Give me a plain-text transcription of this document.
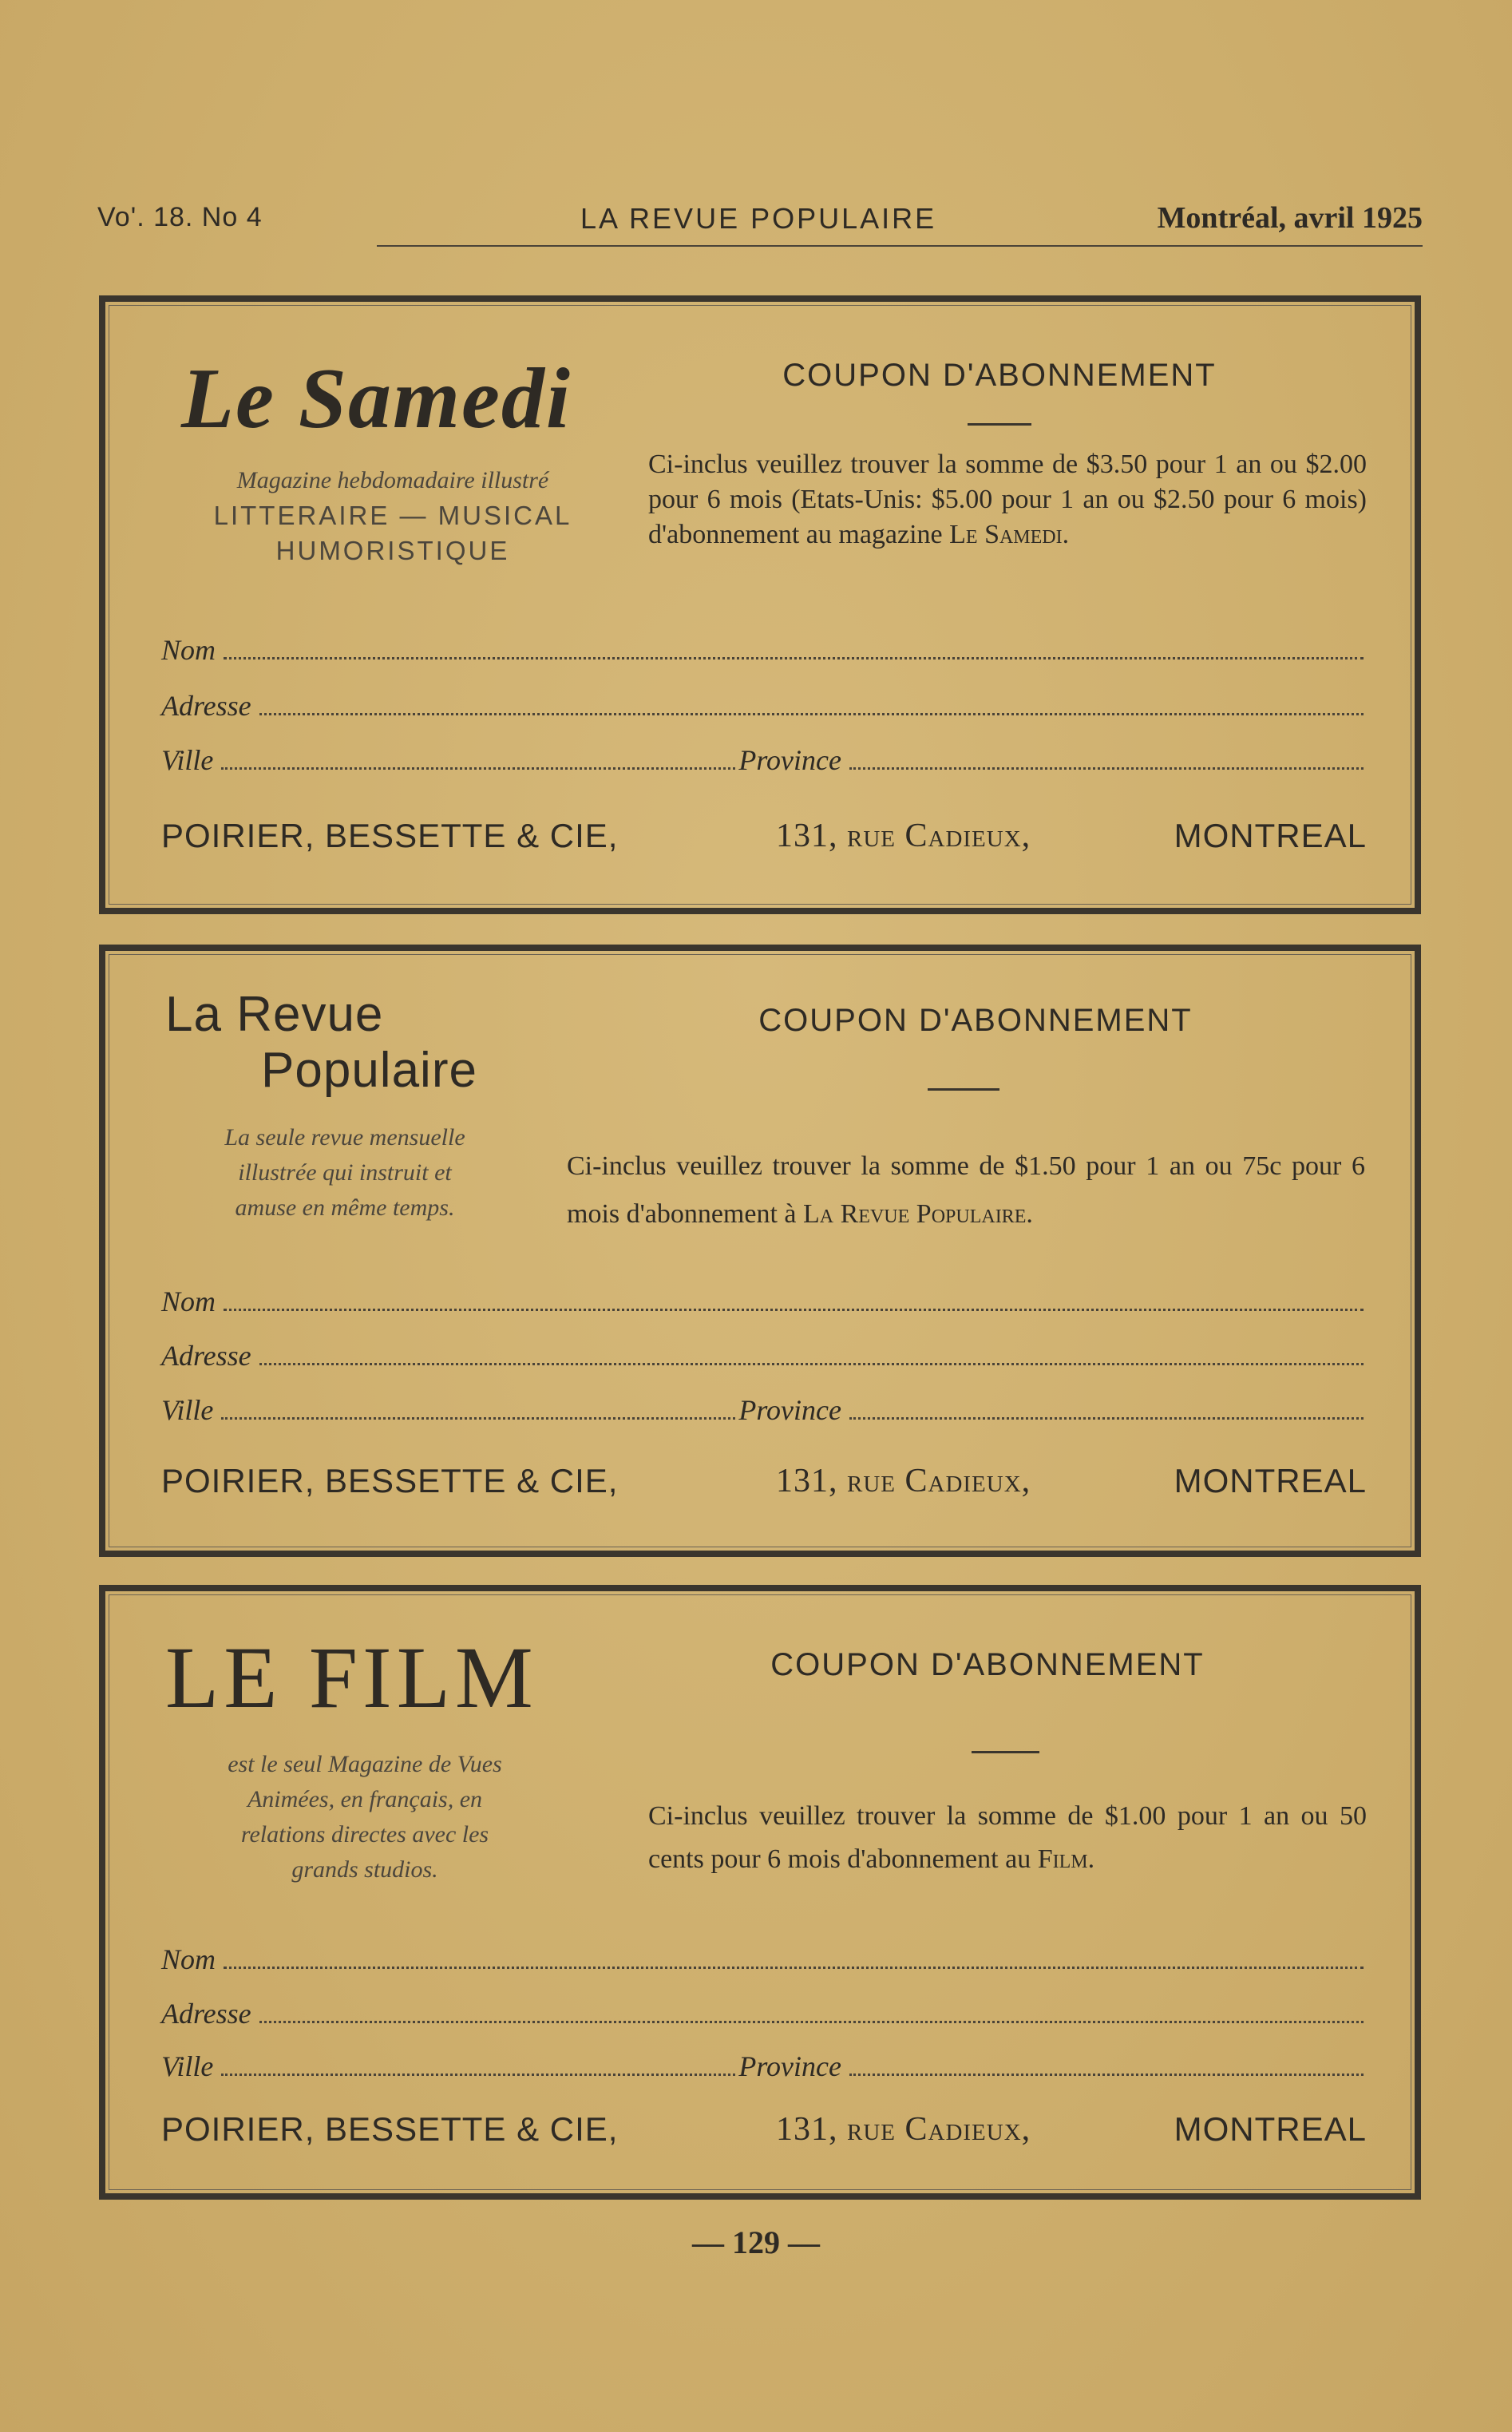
Vo'. 18. No 4	LA REVUE POPULAIRE	Montréal, avril 1925
Le Samedi
Magazine hebdomadaire illustré
LITTERAIRE — MUSICAL
HUMORISTIQUE
COUPON D'ABONNEMENT
Ci-inclus veuillez trouver la somme de $3.50 pour 1 an ou $2.00 pour 6 mois (Etats-Unis: $5.00 pour 1 an ou $2.50 pour 6 mois) d'abonnement au magazine Le Samedi.
Nom
Adresse
Ville	Province
POIRIER, BESSETTE & CIE,	131, rue Cadieux,	MONTREAL
La Revue
Populaire
La seule revue mensuelle
illustrée qui instruit et
amuse en même temps.
COUPON D'ABONNEMENT
Ci-inclus veuillez trouver la somme de $1.50 pour 1 an ou 75c pour 6 mois d'abonnement à La Revue Populaire.
Nom
Adresse
Ville	Province
POIRIER, BESSETTE & CIE,	131, rue Cadieux,	MONTREAL
LE FILM
est le seul Magazine de Vues
Animées, en français, en
relations directes avec les
grands studios.
COUPON D'ABONNEMENT
Ci-inclus veuillez trouver la somme de $1.00 pour 1 an ou 50 cents pour 6 mois d'abonnement au Film.
Nom
Adresse
Ville	Province
POIRIER, BESSETTE & CIE,	131, rue Cadieux,	MONTREAL
— 129 —
